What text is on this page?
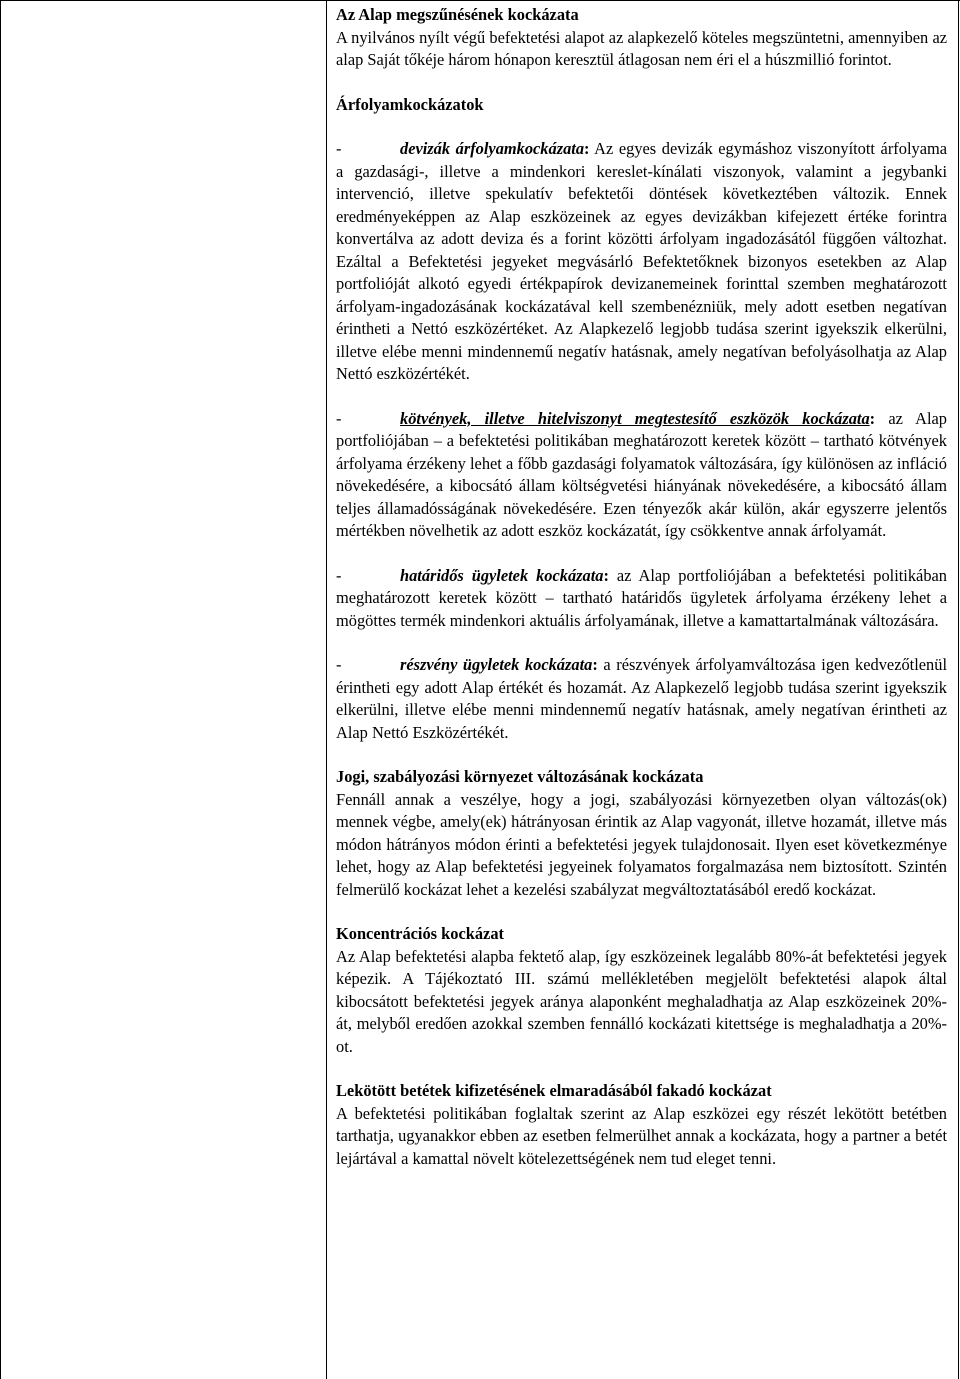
Az Alap megszűnésének kockázata

A nyilvános nyílt végű befektetési alapot az alapkezelő köteles megszüntetni, amennyiben az alap Saját tőkéje három hónapon keresztül átlagosan nem éri el a húszmillió forintot.

Árfolyamkockázatok

-	devizák árfolyamkockázata: Az egyes devizák egymáshoz viszonyított árfolyama a gazdasági-, illetve a mindenkori kereslet-kínálati viszonyok, valamint a jegybanki intervenció, illetve spekulatív befektetői döntések következtében változik. Ennek eredményeképpen az Alap eszközeinek az egyes devizákban kifejezett értéke forintra konvertálva az adott deviza és a forint közötti árfolyam ingadozásától függően változhat. Ezáltal a Befektetési jegyeket megvásárló Befektetőknek bizonyos esetekben az Alap portfolióját alkotó egyedi értékpapírok devizanemeinek forinttal szemben meghatározott árfolyam-ingadozásának kockázatával kell szembenézniük, mely adott esetben negatívan érintheti a Nettó eszközértéket. Az Alapkezelő legjobb tudása szerint igyekszik elkerülni, illetve elébe menni mindennemű negatív hatásnak, amely negatívan befolyásolhatja az Alap Nettó eszközértékét.

-	kötvények, illetve hitelviszonyt megtestesítő eszközök kockázata: az Alap portfoliójában – a befektetési politikában meghatározott keretek között – tartható kötvények árfolyama érzékeny lehet a főbb gazdasági folyamatok változására, így különösen az infláció növekedésére, a kibocsátó állam költségvetési hiányának növekedésére, a kibocsátó állam teljes államadósságának növekedésére. Ezen tényezők akár külön, akár egyszerre jelentős mértékben növelhetik az adott eszköz kockázatát, így csökkentve annak árfolyamát.

-	határidős ügyletek kockázata: az Alap portfoliójában a befektetési politikában meghatározott keretek között – tartható határidős ügyletek árfolyama érzékeny lehet a mögöttes termék mindenkori aktuális árfolyamának, illetve a kamattartalmának változására.

-	részvény ügyletek kockázata: a részvények árfolyamváltozása igen kedvezőtlenül érintheti egy adott Alap értékét és hozamát. Az Alapkezelő legjobb tudása szerint igyekszik elkerülni, illetve elébe menni mindennemű negatív hatásnak, amely negatívan érintheti az Alap Nettó Eszközértékét.

Jogi, szabályozási környezet változásának kockázata

Fennáll annak a veszélye, hogy a jogi, szabályozási környezetben olyan változás(ok) mennek végbe, amely(ek) hátrányosan érintik az Alap vagyonát, illetve hozamát, illetve más módon hátrányos módon érinti a befektetési jegyek tulajdonosait. Ilyen eset következménye lehet, hogy az Alap befektetési jegyeinek folyamatos forgalmazása nem biztosított. Szintén felmerülő kockázat lehet a kezelési szabályzat megváltoztatásából eredő kockázat.

Koncentrációs kockázat

Az Alap befektetési alapba fektető alap, így eszközeinek legalább 80%-át befektetési jegyek képezik. A Tájékoztató III. számú mellékletében megjelölt befektetési alapok által kibocsátott befektetési jegyek aránya alaponként meghaladhatja az Alap eszközeinek 20%-át, melyből eredően azokkal szemben fennálló kockázati kitettsége is meghaladhatja a 20%-ot.

Lekötött betétek kifizetésének elmaradásából fakadó kockázat

A befektetési politikában foglaltak szerint az Alap eszközei egy részét lekötött betétben tarthatja, ugyanakkor ebben az esetben felmerülhet annak a kockázata, hogy a partner a betét lejártával a kamattal növelt kötelezettségének nem tud eleget tenni.
